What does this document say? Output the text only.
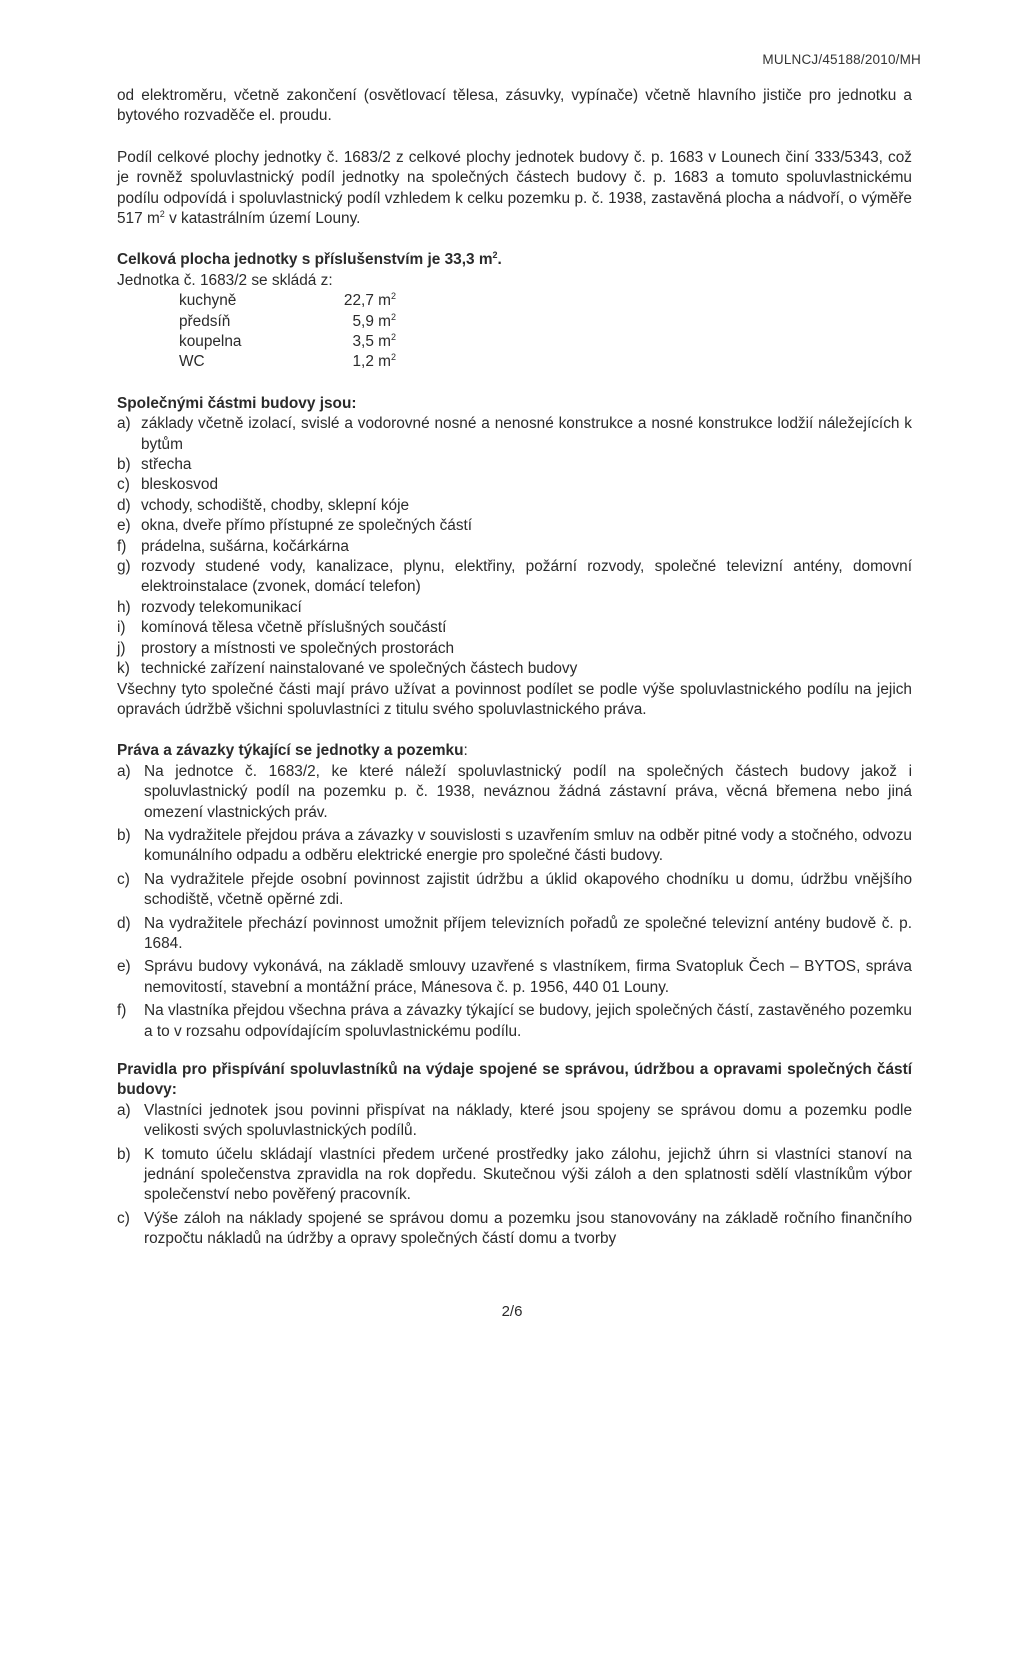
MULNCJ/45188/2010/MH

od elektroměru, včetně zakončení (osvětlovací tělesa, zásuvky, vypínače) včetně hlavního jističe pro jednotku a bytového rozvaděče el. proudu.

Podíl celkové plochy jednotky č. 1683/2 z celkové plochy jednotek budovy č. p. 1683 v Lounech činí 333/5343, což je rovněž spoluvlastnický podíl jednotky na společných částech budovy č. p. 1683 a tomuto spoluvlastnickému podílu odpovídá i spoluvlastnický podíl vzhledem k celku pozemku p. č. 1938, zastavěná plocha a nádvoří, o výměře 517 $m^2$ v katastrálním území Louny.

Celková plocha jednotky s příslušenstvím je 33,3 $m^2$.

Jednotka č. 1683/2 se skládá z:

kuchyně	22,7 $m^2$
předsíň	5,9 $m^2$
koupelna	3,5 $m^2$
WC	1,2 $m^2$

Společnými částmi budovy jsou:

a) základy včetně izolací, svislé a vodorovné nosné a nenosné konstrukce a nosné konstrukce lodžií náležejících k bytům
b) střecha
c) bleskosvod
d) vchody, schodiště, chodby, sklepní kóje
e) okna, dveře přímo přístupné ze společných částí
f) prádelna, sušárna, kočárkárna
g) rozvody studené vody, kanalizace, plynu, elektřiny, požární rozvody, společné televizní antény, domovní elektroinstalace (zvonek, domácí telefon)
h) rozvody telekomunikací
i) komínová tělesa včetně příslušných součástí
j) prostory a místnosti ve společných prostorách
k) technické zařízení nainstalované ve společných částech budovy

Všechny tyto společné části mají právo užívat a povinnost podílet se podle výše spoluvlastnického podílu na jejich opravách údržbě všichni spoluvlastníci z titulu svého spoluvlastnického práva.

Práva a závazky týkající se jednotky a pozemku:

a) Na jednotce č. 1683/2, ke které náleží spoluvlastnický podíl na společných částech budovy jakož i spoluvlastnický podíl na pozemku p. č. 1938, neváznou žádná zástavní práva, věcná břemena nebo jiná omezení vlastnických práv.
b) Na vydražitele přejdou práva a závazky v souvislosti s uzavřením smluv na odběr pitné vody a stočného, odvozu komunálního odpadu a odběru elektrické energie pro společné části budovy.
c) Na vydražitele přejde osobní povinnost zajistit údržbu a úklid okapového chodníku u domu, údržbu vnějšího schodiště, včetně opěrné zdi.
d) Na vydražitele přechází povinnost umožnit příjem televizních pořadů ze společné televizní antény budově č. p. 1684.
e) Správu budovy vykonává, na základě smlouvy uzavřené s vlastníkem, firma Svatopluk Čech – BYTOS, správa nemovitostí, stavební a montážní práce, Mánesova č. p. 1956, 440 01 Louny.
f) Na vlastníka přejdou všechna práva a závazky týkající se budovy, jejich společných částí, zastavěného pozemku a to v rozsahu odpovídajícím spoluvlastnickému podílu.

Pravidla pro přispívání spoluvlastníků na výdaje spojené se správou, údržbou a opravami společných částí budovy:

a) Vlastníci jednotek jsou povinni přispívat na náklady, které jsou spojeny se správou domu a pozemku podle velikosti svých spoluvlastnických podílů.
b) K tomuto účelu skládají vlastníci předem určené prostředky jako zálohu, jejichž úhrn si vlastníci stanoví na jednání společenstva zpravidla na rok dopředu. Skutečnou výši záloh a den splatnosti sdělí vlastníkům výbor společenství nebo pověřený pracovník.
c) Výše záloh na náklady spojené se správou domu a pozemku jsou stanovovány na základě ročního finančního rozpočtu nákladů na údržby a opravy společných částí domu a tvorby
2/6
